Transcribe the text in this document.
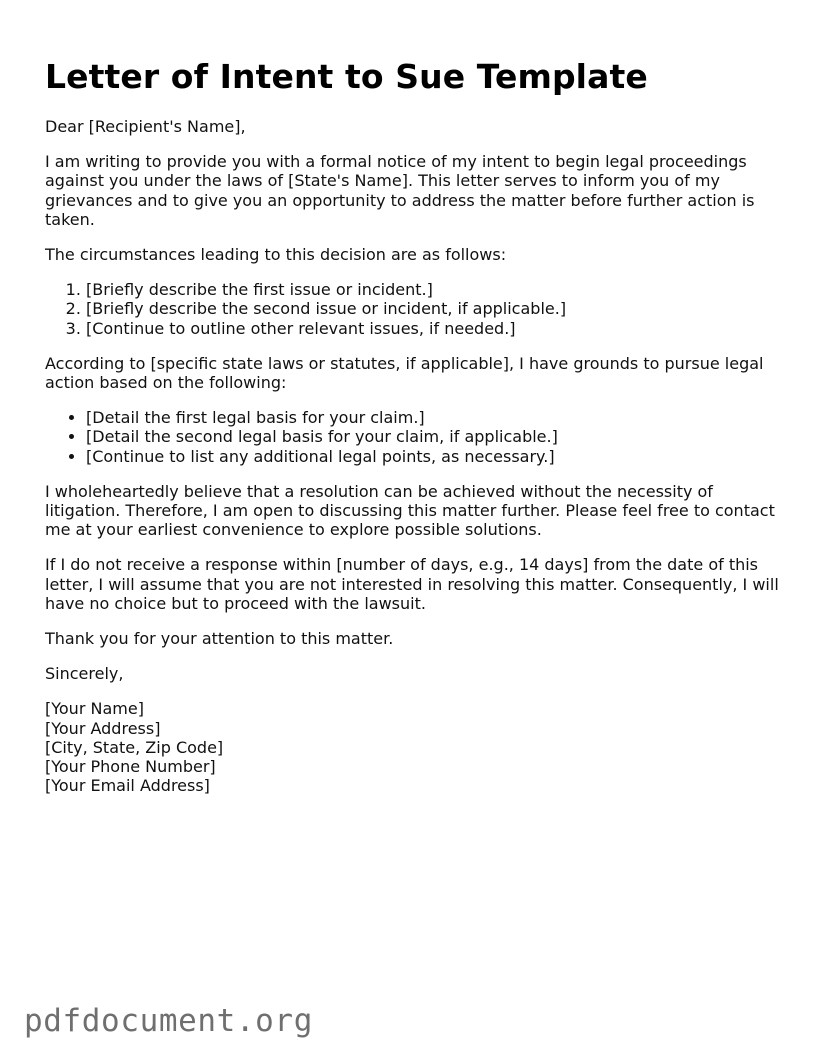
Letter of Intent to Sue Template

Dear [Recipient's Name],

I am writing to provide you with a formal notice of my intent to begin legal proceedings against you under the laws of [State's Name]. This letter serves to inform you of my grievances and to give you an opportunity to address the matter before further action is taken.

The circumstances leading to this decision are as follows:

1. [Briefly describe the first issue or incident.]
2. [Briefly describe the second issue or incident, if applicable.]
3. [Continue to outline other relevant issues, if needed.]

According to [specific state laws or statutes, if applicable], I have grounds to pursue legal action based on the following:

• [Detail the first legal basis for your claim.]
• [Detail the second legal basis for your claim, if applicable.]
• [Continue to list any additional legal points, as necessary.]

I wholeheartedly believe that a resolution can be achieved without the necessity of litigation. Therefore, I am open to discussing this matter further. Please feel free to contact me at your earliest convenience to explore possible solutions.

If I do not receive a response within [number of days, e.g., 14 days] from the date of this letter, I will assume that you are not interested in resolving this matter. Consequently, I will have no choice but to proceed with the lawsuit.

Thank you for your attention to this matter.

Sincerely,

[Your Name]

[Your Address]

[City, State, Zip Code]

[Your Phone Number]

[Your Email Address]

pdfdocument.org
